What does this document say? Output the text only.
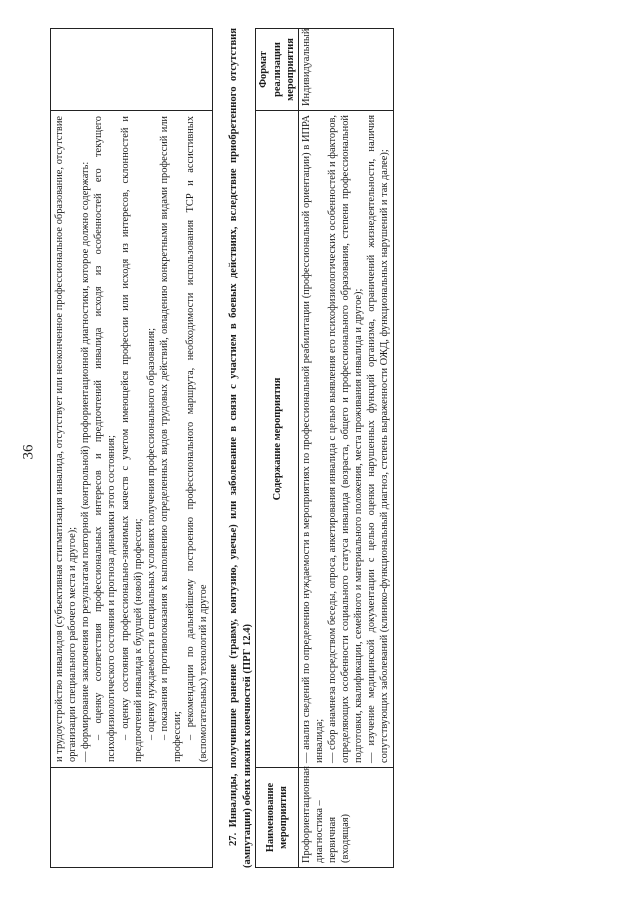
36
	и трудоустройство инвалидов (субъективная стигматизация инвалида, отсутствует или неоконченное профессиональное образование, отсутствие организации специального рабочего места и другое); — формирование заключения по результатам повторной (контрольной) профориентационной диагностики, которое должно содержать: – оценку соответствия профессиональных интересов и предпочтений инвалида исходя из особенностей его текущего психофизиологического состояния и прогноза динамики этого состояния; – оценку состояния профессионально-значимых качеств с учетом имеющейся профессии или исходя из интересов, склонностей и предпочтений инвалида к будущей (новой) профессии; – оценку нуждаемости в специальных условиях получения профессионального образования; – показания и противопоказания к выполнению определенных видов трудовых действий, овладению конкретными видами профессий или профессии; – рекомендации по дальнейшему построению профессионального маршрута, необходимости использования ТСР и ассистивных (вспомогательных) технологий и другое

27. Инвалиды, получившие ранение (травму, контузию, увечье) или заболевание в связи с участием в боевых действиях, вследствие приобретенного отсутствия (ампутации) обеих нижних конечностей (ПРГ 12.4) Наименование мероприятия	Содержание мероприятия	Формат реализации мероприятия
Профориентационная диагностика – первичная (входящая)	— анализ сведений по определению нуждаемости в мероприятиях по профессиональной реабилитации (профессиональной ориентации) в ИПРА инвалида; — сбор анамнеза посредством беседы, опроса, анкетирования инвалида с целью выявления его психофизиологических особенностей и факторов, определяющих особенности социального статуса инвалида (возраста, общего и профессионального образования, степени профессиональной подготовки, квалификации, семейного и материального положения, места проживания инвалида и другое); — изучение медицинской документации с целью оценки нарушенных функций организма, ограничений жизнедеятельности, наличия сопутствующих заболеваний (клинико-функциональный диагноз, степень выраженности ОЖД, функциональных нарушений и так далее);	Индивидуальный
